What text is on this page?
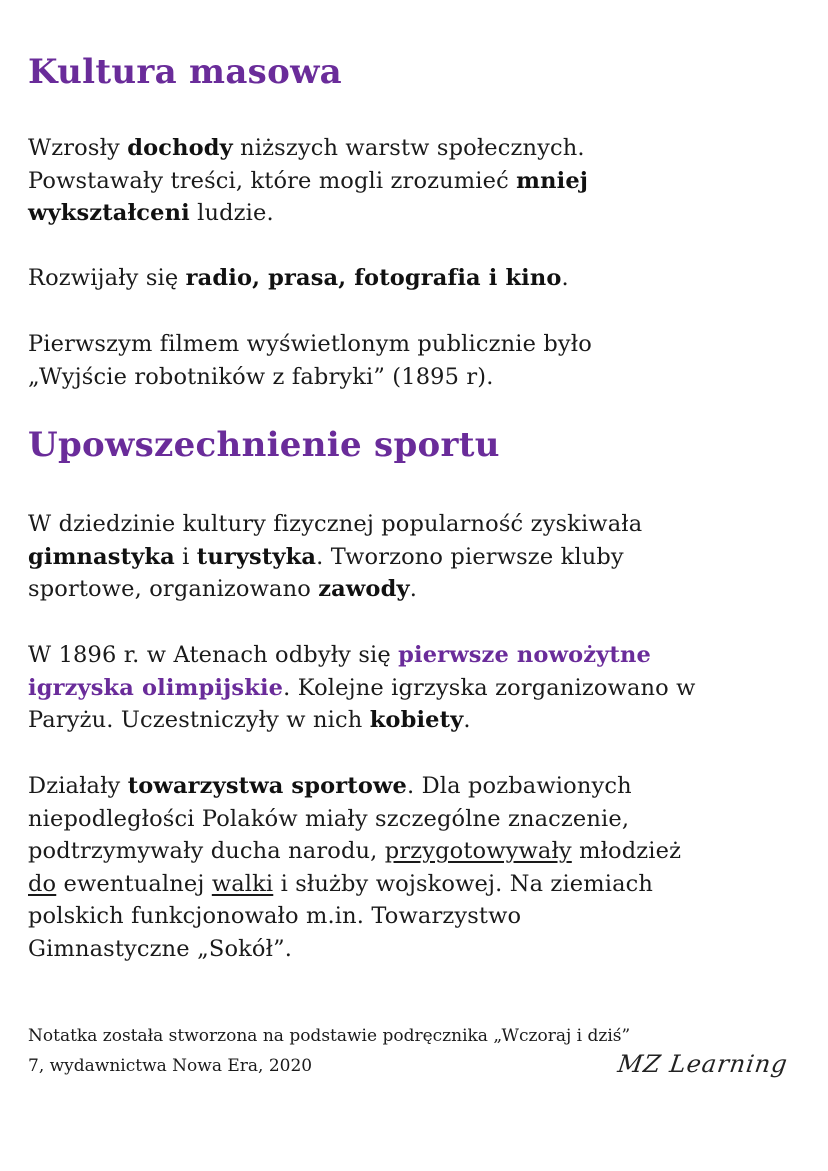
Kultura masowa
Wzrosły dochody niższych warstw społecznych.
Powstawały treści, które mogli zrozumieć mniej
wykształceni ludzie.
Rozwijały się radio, prasa, fotografia i kino.
Pierwszym filmem wyświetlonym publicznie było
„Wyjście robotników z fabryki” (1895 r).
Upowszechnienie sportu
W dziedzinie kultury fizycznej popularność zyskiwała
gimnastyka i turystyka. Tworzono pierwsze kluby
sportowe, organizowano zawody.
W 1896 r. w Atenach odbyły się pierwsze nowożytne
igrzyska olimpijskie. Kolejne igrzyska zorganizowano w
Paryżu. Uczestniczyły w nich kobiety.
Działały towarzystwa sportowe. Dla pozbawionych
niepodległości Polaków miały szczególne znaczenie,
podtrzymywały ducha narodu, przygotowywały młodzież
do ewentualnej walki i służby wojskowej. Na ziemiach
polskich funkcjonowało m.in. Towarzystwo
Gimnastyczne „Sokół”.
Notatka została stworzona na podstawie podręcznika „Wczoraj i dziś”
7, wydawnictwa Nowa Era, 2020	MZ Learning
